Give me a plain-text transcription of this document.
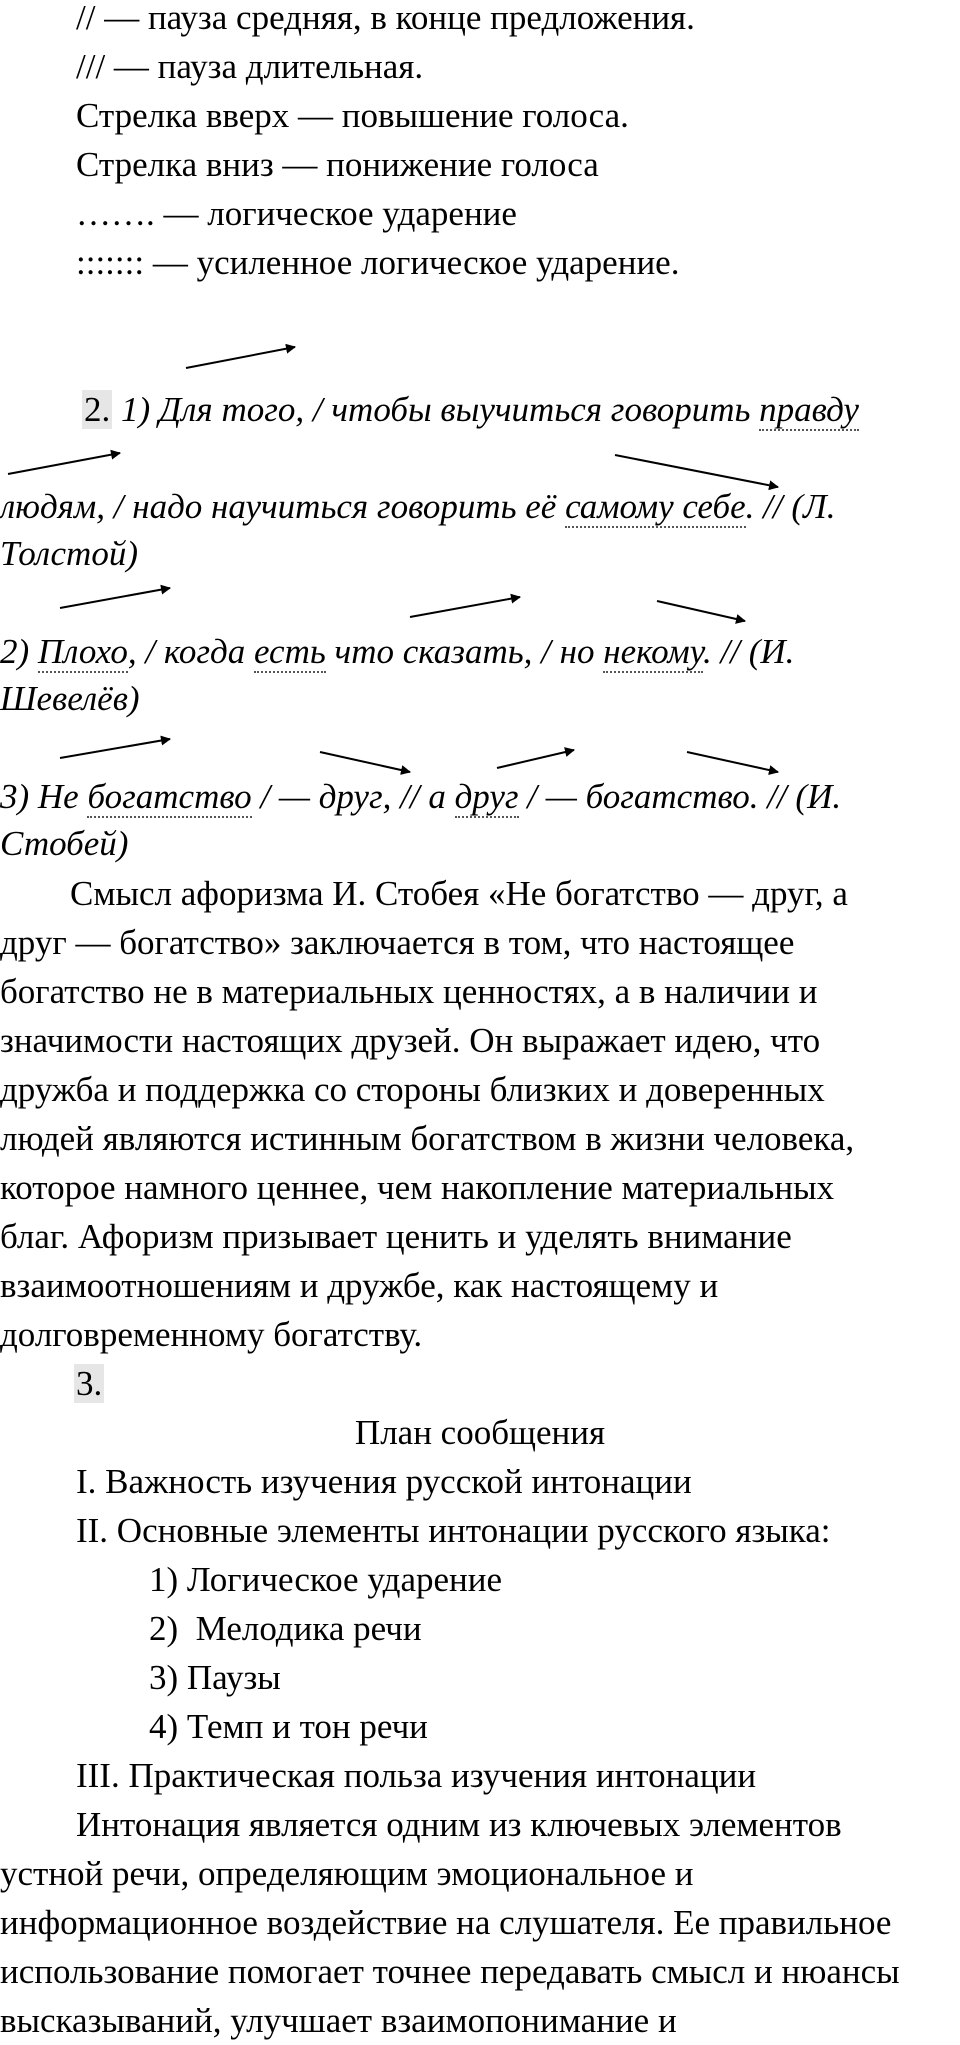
// — пауза средняя, в конце предложения.
/// — пауза длительная.
Стрелка вверх — повышение голоса.
Стрелка вниз — понижение голоса
……. — логическое ударение
::::::: — усиленное логическое ударение.
2. 1) Для того, / чтобы выучиться говорить правду
людям, / надо научиться говорить её самому себе. // (Л.
Толстой)
2) Плохо, / когда есть что сказать, / но некому. // (И.
Шевелёв)
3) Не богатство / — друг, // а друг / — богатство. // (И.
Стобей)
Смысл афоризма И. Стобея «Не богатство — друг, а
друг — богатство» заключается в том, что настоящее
богатство не в материальных ценностях, а в наличии и
значимости настоящих друзей. Он выражает идею, что
дружба и поддержка со стороны близких и доверенных
людей являются истинным богатством в жизни человека,
которое намного ценнее, чем накопление материальных
благ. Афоризм призывает ценить и уделять внимание
взаимоотношениям и дружбе, как настоящему и
долговременному богатству.
3.
План сообщения
I. Важность изучения русской интонации
II. Основные элементы интонации русского языка:
1) Логическое ударение
2)  Мелодика речи
3) Паузы
4) Темп и тон речи
III. Практическая польза изучения интонации
Интонация является одним из ключевых элементов
устной речи, определяющим эмоциональное и
информационное воздействие на слушателя. Ее правильное
использование помогает точнее передавать смысл и нюансы
высказываний, улучшает взаимопонимание и
